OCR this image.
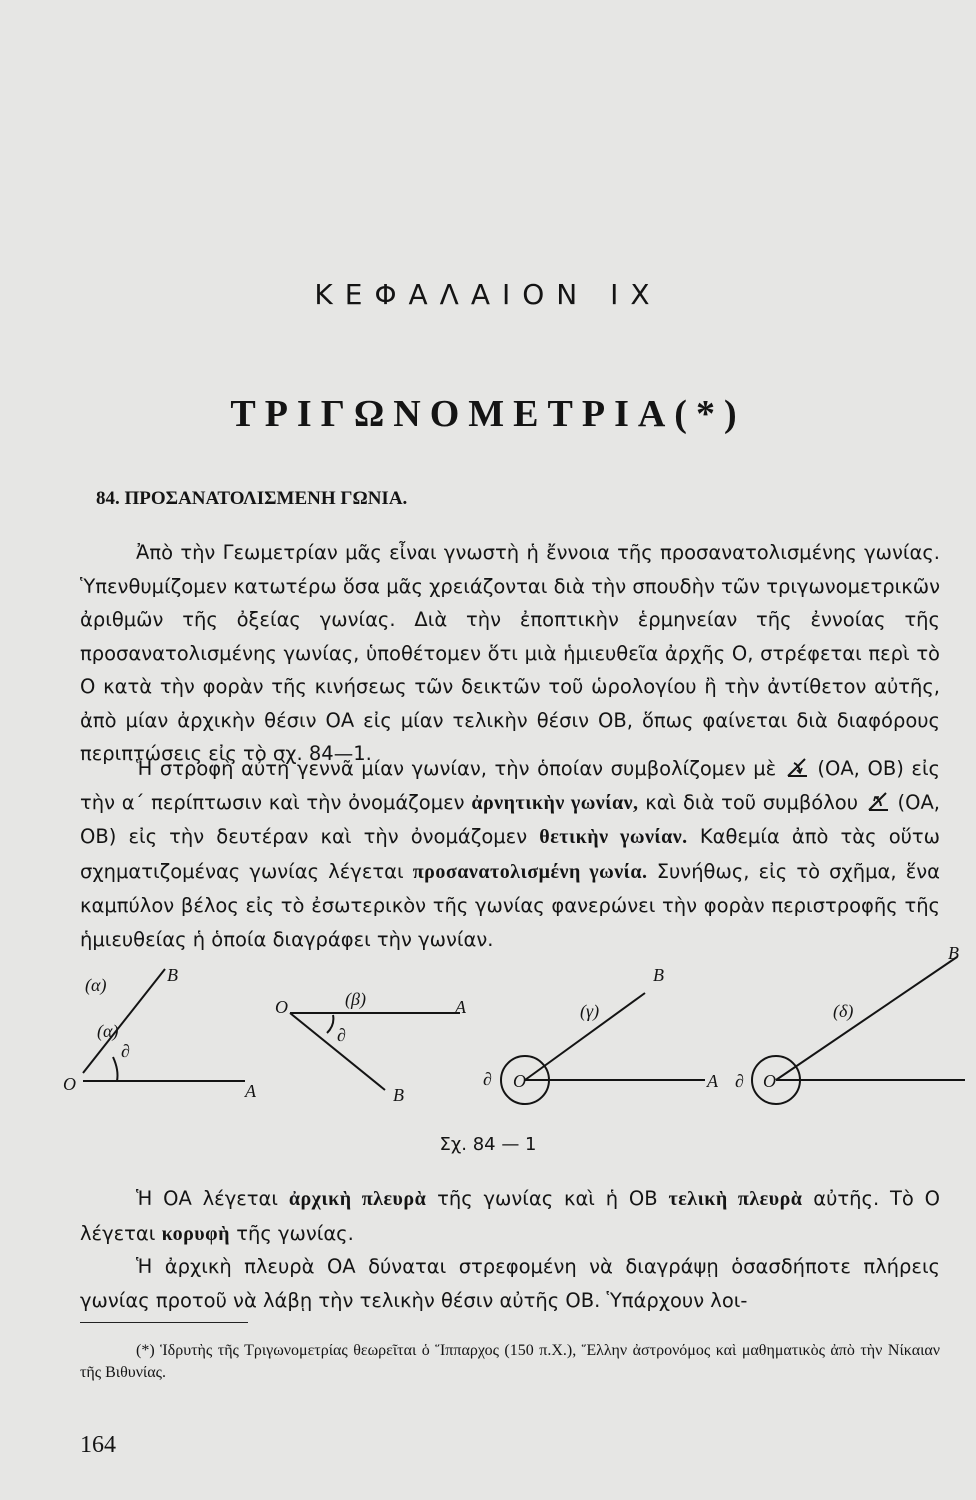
ΚΕΦΑΛΑΙΟΝ ΙΧ
ΤΡΙΓΩΝΟΜΕΤΡΙΑ(*)
84. ΠΡΟΣΑΝΑΤΟΛΙΣΜΕΝΗ ΓΩΝΙΑ.
Ἀπὸ τὴν Γεωμετρίαν μᾶς εἶναι γνωστὴ ἡ ἔννοια τῆς προσανατολισμένης γωνίας. Ὑπενθυμίζομεν κατωτέρω ὅσα μᾶς χρειάζονται διὰ τὴν σπουδὴν τῶν τριγωνομετρικῶν ἀριθμῶν τῆς ὀξείας γωνίας. Διὰ τὴν ἐποπτικὴν ἑρμηνείαν τῆς ἐννοίας τῆς προσανατολισμένης γωνίας, ὑποθέτομεν ὅτι μιὰ ἡμιευθεῖα ἀρχῆς Ο, στρέφεται περὶ τὸ Ο κατὰ τὴν φορὰν τῆς κινήσεως τῶν δεικτῶν τοῦ ὡρολογίου ἢ τὴν ἀντίθετον αὐτῆς, ἀπὸ μίαν ἀρχικὴν θέσιν ΟΑ εἰς μίαν τελικὴν θέσιν ΟΒ, ὅπως φαίνεται διὰ διαφόρους περιπτώσεις εἰς τὸ σχ. 84—1.
Ἡ στροφὴ αὐτὴ γεννᾶ μίαν γωνίαν, τὴν ὁποίαν συμβολίζομεν μὲ (ΟΑ, ΟΒ) εἰς τὴν α΄ περίπτωσιν καὶ τὴν ὀνομάζομεν ἀρνητικὴν γωνίαν, καὶ διὰ τοῦ συμβόλου (ΟΑ, ΟΒ) εἰς τὴν δευτέραν καὶ τὴν ὀνομάζομεν θετικὴν γωνίαν. Καθεμία ἀπὸ τὰς οὕτω σχηματιζομένας γωνίας λέγεται προσανατολισμένη γωνία. Συνήθως, εἰς τὸ σχῆμα, ἕνα καμπύλον βέλος εἰς τὸ ἐσωτερικὸν τῆς γωνίας φανερώνει τὴν φορὰν περιστροφῆς τῆς ἡμιευθείας ἡ ὁποία διαγράφει τὴν γωνίαν.
(α)	B
(α)
∂
O	A
O	(β)	A
∂
B
(γ)
B
∂ O	A
(δ)
B
∂ O
Σχ. 84 — 1
Ἡ ΟΑ λέγεται ἀρχικὴ πλευρὰ τῆς γωνίας καὶ ἡ ΟΒ τελικὴ πλευρὰ αὐτῆς. Τὸ Ο λέγεται κορυφὴ τῆς γωνίας.
Ἡ ἀρχικὴ πλευρὰ ΟΑ δύναται στρεφομένη νὰ διαγράψῃ ὁσασδήποτε πλήρεις γωνίας προτοῦ νὰ λάβῃ τὴν τελικὴν θέσιν αὐτῆς ΟΒ. Ὑπάρχουν λοι-
(*) Ἱδρυτὴς τῆς Τριγωνομετρίας θεωρεῖται ὁ Ἵππαρχος (150 π.Χ.), Ἕλλην ἀστρονόμος καὶ μαθηματικὸς ἀπὸ τὴν Νίκαιαν τῆς Βιθυνίας.
164
